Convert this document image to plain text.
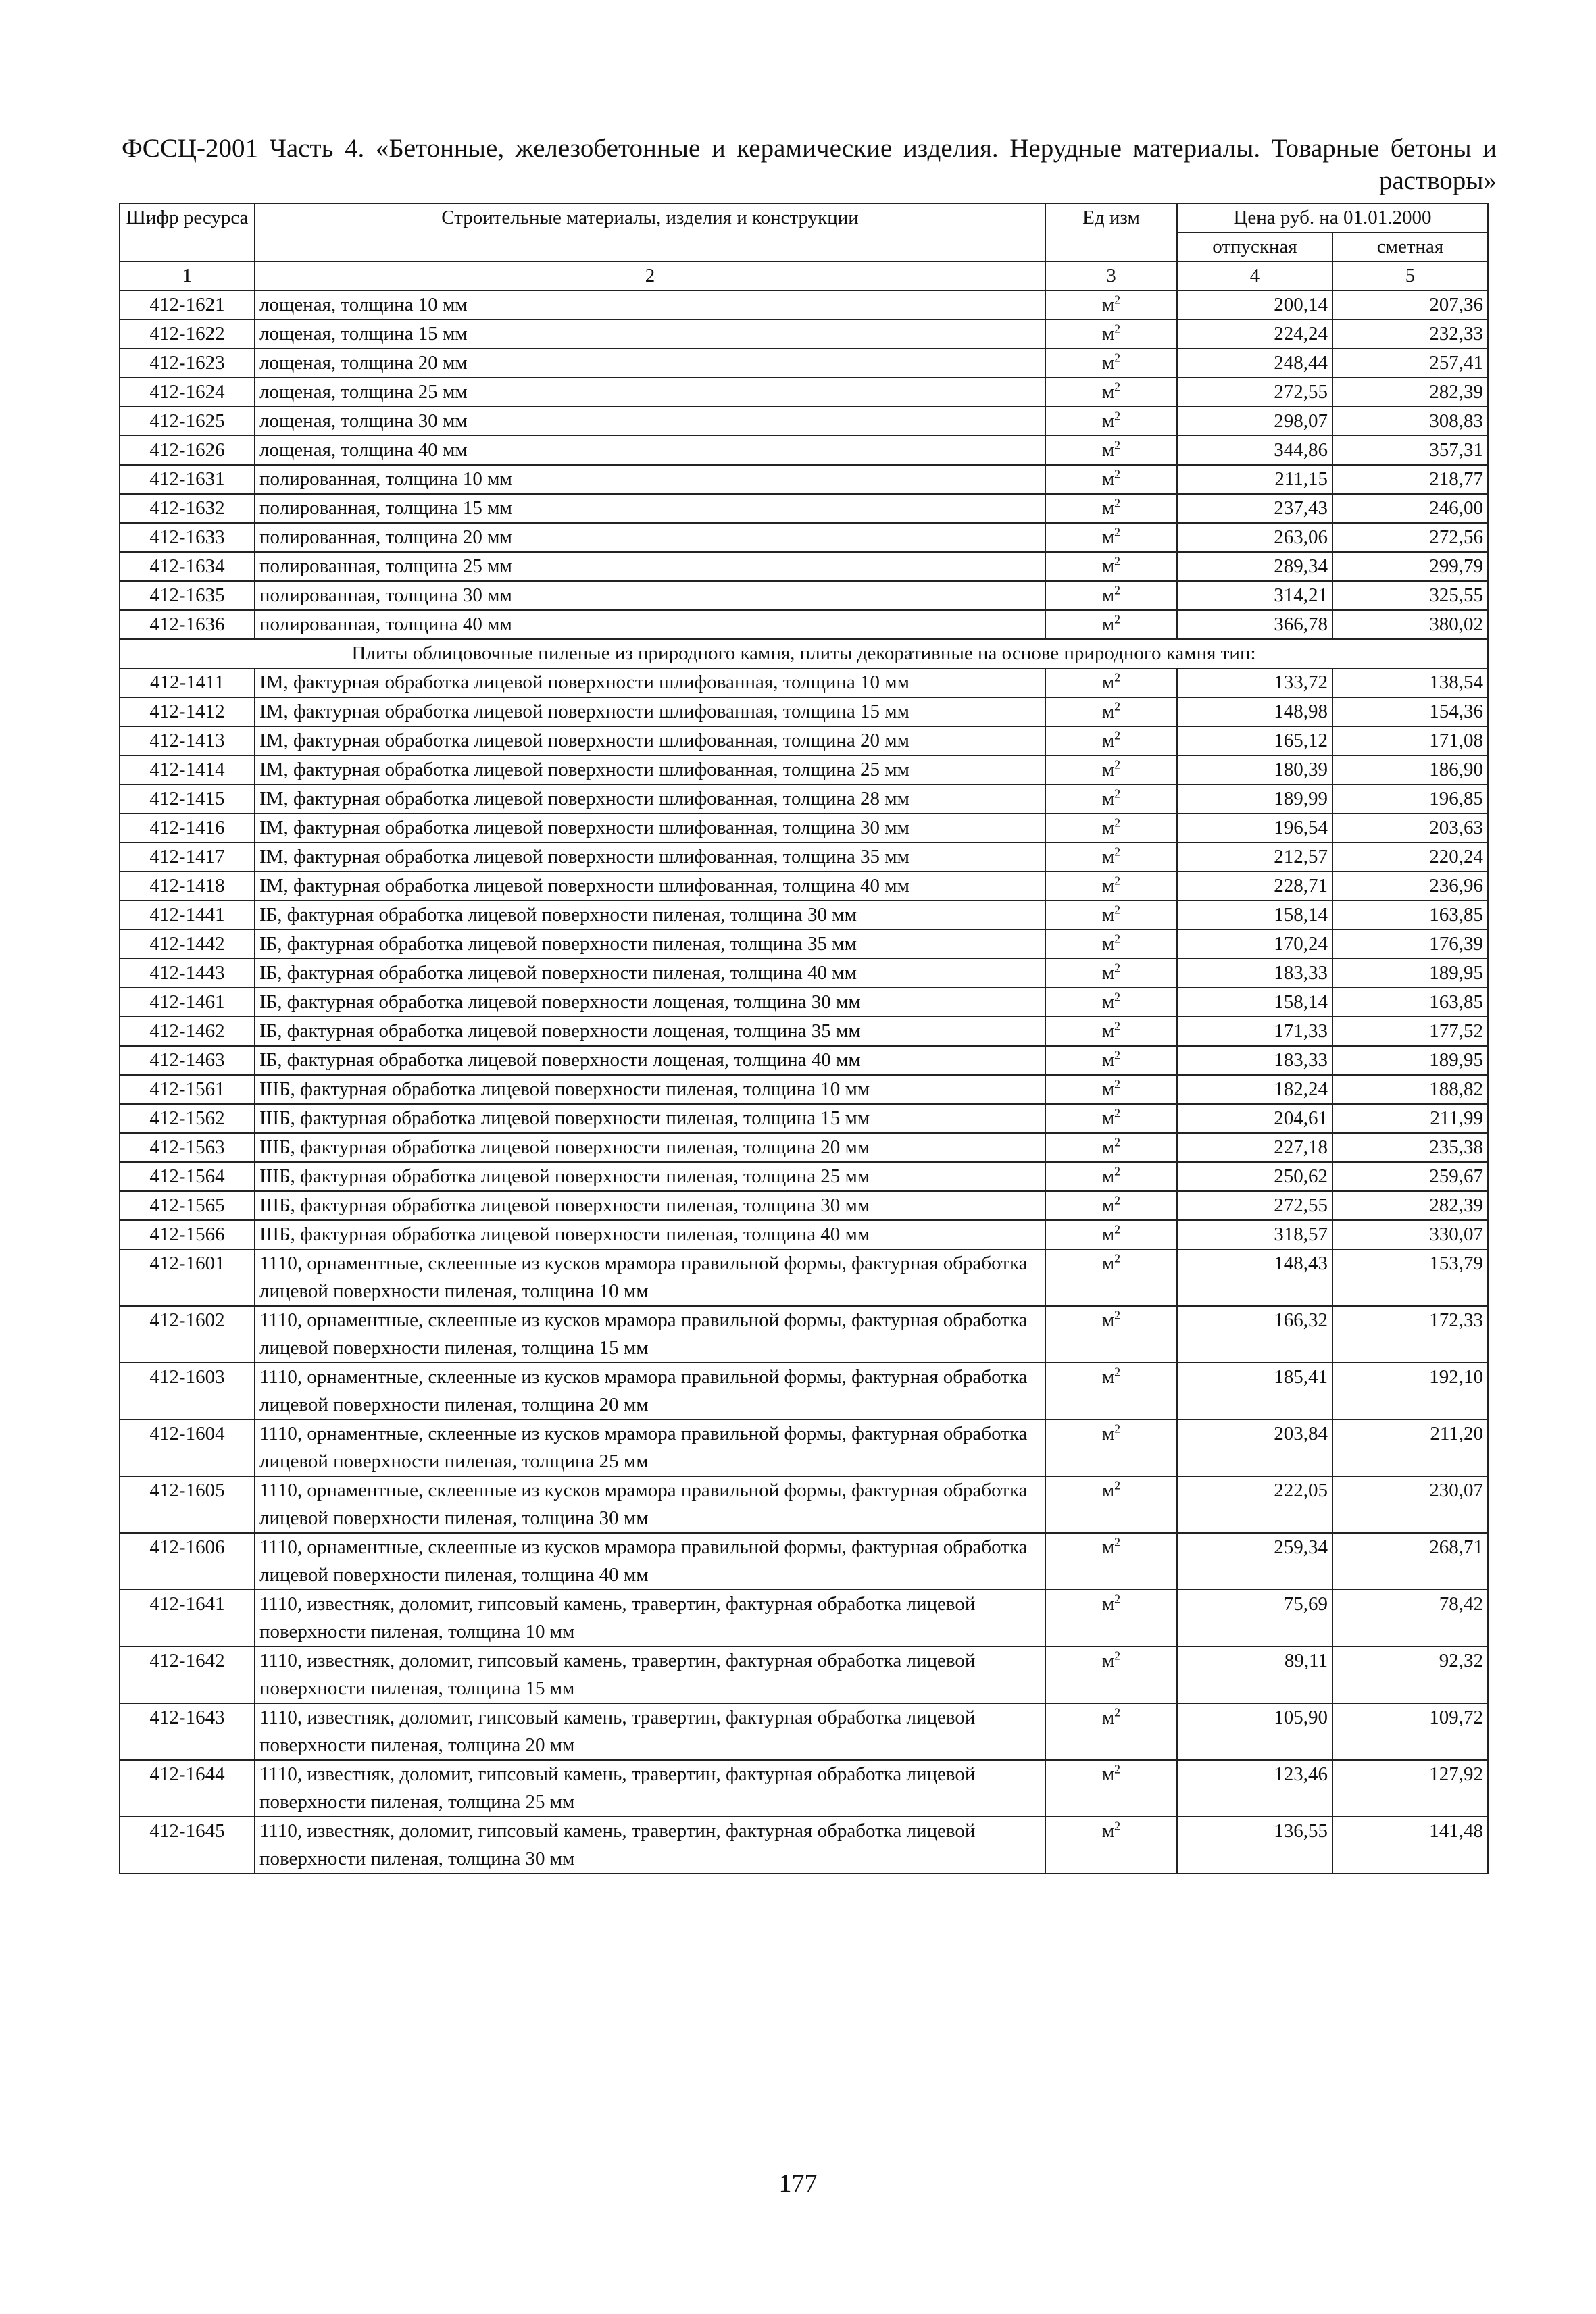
ФССЦ-2001 Часть 4. «Бетонные, железобетонные и керамические изделия. Нерудные материалы. Товарные бетоны и растворы»
Шифр ресурса	Строительные материалы, изделия и конструкции	Ед изм	Цена руб. на 01.01.2000	
			отпускная	сметная
1	2	3	4	5
412-1621	лощеная, толщина 10 мм	$м^2$	200,14	207,36
412-1622	лощеная, толщина 15 мм	$м^2$	224,24	232,33
412-1623	лощеная, толщина 20 мм	$м^2$	248,44	257,41
412-1624	лощеная, толщина 25 мм	$м^2$	272,55	282,39
412-1625	лощеная, толщина 30 мм	$м^2$	298,07	308,83
412-1626	лощеная, толщина 40 мм	$м^2$	344,86	357,31
412-1631	полированная, толщина 10 мм	$м^2$	211,15	218,77
412-1632	полированная, толщина 15 мм	$м^2$	237,43	246,00
412-1633	полированная, толщина 20 мм	$м^2$	263,06	272,56
412-1634	полированная, толщина 25 мм	$м^2$	289,34	299,79
412-1635	полированная, толщина 30 мм	$м^2$	314,21	325,55
412-1636	полированная, толщина 40 мм	$м^2$	366,78	380,02
Плиты облицовочные пиленые из природного камня, плиты декоративные на основе природного камня тип:				
412-1411	IМ, фактурная обработка лицевой поверхности шлифованная, толщина 10 мм	$м^2$	133,72	138,54
412-1412	IМ, фактурная обработка лицевой поверхности шлифованная, толщина 15 мм	$м^2$	148,98	154,36
412-1413	IМ, фактурная обработка лицевой поверхности шлифованная, толщина 20 мм	$м^2$	165,12	171,08
412-1414	IМ, фактурная обработка лицевой поверхности шлифованная, толщина 25 мм	$м^2$	180,39	186,90
412-1415	IМ, фактурная обработка лицевой поверхности шлифованная, толщина 28 мм	$м^2$	189,99	196,85
412-1416	IМ, фактурная обработка лицевой поверхности шлифованная, толщина 30 мм	$м^2$	196,54	203,63
412-1417	IМ, фактурная обработка лицевой поверхности шлифованная, толщина 35 мм	$м^2$	212,57	220,24
412-1418	IМ, фактурная обработка лицевой поверхности шлифованная, толщина 40 мм	$м^2$	228,71	236,96
412-1441	IБ, фактурная обработка лицевой поверхности пиленая, толщина 30 мм	$м^2$	158,14	163,85
412-1442	IБ, фактурная обработка лицевой поверхности пиленая, толщина 35 мм	$м^2$	170,24	176,39
412-1443	IБ, фактурная обработка лицевой поверхности пиленая, толщина 40 мм	$м^2$	183,33	189,95
412-1461	IБ, фактурная обработка лицевой поверхности лощеная, толщина 30 мм	$м^2$	158,14	163,85
412-1462	IБ, фактурная обработка лицевой поверхности лощеная, толщина 35 мм	$м^2$	171,33	177,52
412-1463	IБ, фактурная обработка лицевой поверхности лощеная, толщина 40 мм	$м^2$	183,33	189,95
412-1561	IIIБ, фактурная обработка лицевой поверхности пиленая, толщина 10 мм	$м^2$	182,24	188,82
412-1562	IIIБ, фактурная обработка лицевой поверхности пиленая, толщина 15 мм	$м^2$	204,61	211,99
412-1563	IIIБ, фактурная обработка лицевой поверхности пиленая, толщина 20 мм	$м^2$	227,18	235,38
412-1564	IIIБ, фактурная обработка лицевой поверхности пиленая, толщина 25 мм	$м^2$	250,62	259,67
412-1565	IIIБ, фактурная обработка лицевой поверхности пиленая, толщина 30 мм	$м^2$	272,55	282,39
412-1566	IIIБ, фактурная обработка лицевой поверхности пиленая, толщина 40 мм	$м^2$	318,57	330,07
412-1601	1110, орнаментные, склеенные из кусков мрамора правильной формы, фактурная обработка лицевой поверхности пиленая, толщина 10 мм	$м^2$	148,43	153,79
412-1602	1110, орнаментные, склеенные из кусков мрамора правильной формы, фактурная обработка лицевой поверхности пиленая, толщина 15 мм	$м^2$	166,32	172,33
412-1603	1110, орнаментные, склеенные из кусков мрамора правильной формы, фактурная обработка лицевой поверхности пиленая, толщина 20 мм	$м^2$	185,41	192,10
412-1604	1110, орнаментные, склеенные из кусков мрамора правильной формы, фактурная обработка лицевой поверхности пиленая, толщина 25 мм	$м^2$	203,84	211,20
412-1605	1110, орнаментные, склеенные из кусков мрамора правильной формы, фактурная обработка лицевой поверхности пиленая, толщина 30 мм	$м^2$	222,05	230,07
412-1606	1110, орнаментные, склеенные из кусков мрамора правильной формы, фактурная обработка лицевой поверхности пиленая, толщина 40 мм	$м^2$	259,34	268,71
412-1641	1110, известняк, доломит, гипсовый камень, травертин, фактурная обработка лицевой поверхности пиленая, толщина 10 мм	$м^2$	75,69	78,42
412-1642	1110, известняк, доломит, гипсовый камень, травертин, фактурная обработка лицевой поверхности пиленая, толщина 15 мм	$м^2$	89,11	92,32
412-1643	1110, известняк, доломит, гипсовый камень, травертин, фактурная обработка лицевой поверхности пиленая, толщина 20 мм	$м^2$	105,90	109,72
412-1644	1110, известняк, доломит, гипсовый камень, травертин, фактурная обработка лицевой поверхности пиленая, толщина 25 мм	$м^2$	123,46	127,92
412-1645	1110, известняк, доломит, гипсовый камень, травертин, фактурная обработка лицевой поверхности пиленая, толщина 30 мм	$м^2$	136,55	141,48
177
